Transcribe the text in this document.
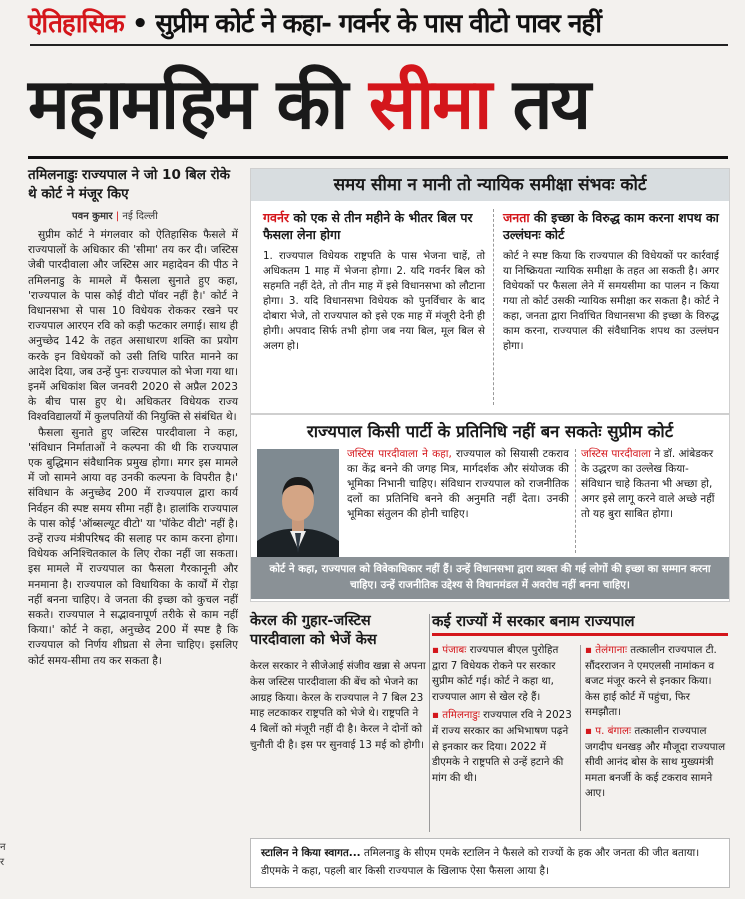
ऐतिहासिक • सुप्रीम कोर्ट ने कहा- गवर्नर के पास वीटो पावर नहीं
महामहिम की सीमा तय
तमिलनाडुः राज्यपाल ने जो 10 बिल रोके थे कोर्ट ने मंजूर किए
पवन कुमार | नई दिल्ली

सुप्रीम कोर्ट ने मंगलवार को ऐतिहासिक फैसले में राज्यपालों के अधिकार की 'सीमा' तय कर दी। जस्टिस जेबी पारदीवाला और जस्टिस आर महादेवन की पीठ ने तमिलनाडु के मामले में फैसला सुनाते हुए कहा, 'राज्यपाल के पास कोई वीटो पॉवर नहीं है।' कोर्ट ने विधानसभा से पास 10 विधेयक रोककर रखने पर राज्यपाल आरएन रवि को कड़ी फटकार लगाई। साथ ही अनुच्छेद 142 के तहत असाधारण शक्ति का प्रयोग करके इन विधेयकों को उसी तिथि पारित मानने का आदेश दिया, जब उन्हें पुनः राज्यपाल को भेजा गया था। इनमें अधिकांश बिल जनवरी 2020 से अप्रैल 2023 के बीच पास हुए थे। अधिकतर विधेयक राज्य विश्वविद्यालयों में कुलपतियों की नियुक्ति से संबंधित थे।

फैसला सुनाते हुए जस्टिस पारदीवाला ने कहा, 'संविधान निर्माताओं ने कल्पना की थी कि राज्यपाल एक बुद्धिमान संवैधानिक प्रमुख होगा। मगर इस मामले में जो सामने आया वह उनकी कल्पना के विपरीत है।' संविधान के अनुच्छेद 200 में राज्यपाल द्वारा कार्य निर्वहन की स्पष्ट समय सीमा नहीं है। हालांकि राज्यपाल के पास कोई 'ऑब्सल्यूट वीटो' या 'पॉकेट वीटो' नहीं है। उन्हें राज्य मंत्रीपरिषद की सलाह पर काम करना होगा। विधेयक अनिश्चितकाल के लिए रोका नहीं जा सकता। इस मामले में राज्यपाल का फैसला गैरकानूनी और मनमाना है। राज्यपाल को विधायिका के कार्यों में रोड़ा नहीं बनना चाहिए। वे जनता की इच्छा को कुचल नहीं सकते। राज्यपाल ने सद्भावनापूर्ण तरीके से काम नहीं किया।' कोर्ट ने कहा, अनुच्छेद 200 में स्पष्ट है कि राज्यपाल को निर्णय शीघ्रता से लेना चाहिए। इसलिए कोर्ट समय-सीमा तय कर सकता है।

न
र
समय सीमा न मानी तो न्यायिक समीक्षा संभवः कोर्ट
गवर्नर को एक से तीन महीने के भीतर बिल पर फैसला लेना होगा
1. राज्यपाल विधेयक राष्ट्रपति के पास भेजना चाहें, तो अधिकतम 1 माह में भेजना होगा। 2. यदि गवर्नर बिल को सहमति नहीं देते, तो तीन माह में इसे विधानसभा को लौटाना होगा। 3. यदि विधानसभा विधेयक को पुनर्विचार के बाद दोबारा भेजे, तो राज्यपाल को इसे एक माह में मंजूरी देनी ही होगी। अपवाद सिर्फ तभी होगा जब नया बिल, मूल बिल से अलग हो।
जनता की इच्छा के विरुद्ध काम करना शपथ का उल्लंघनः कोर्ट
कोर्ट ने स्पष्ट किया कि राज्यपाल की विधेयकों पर कार्रवाई या निष्क्रियता न्यायिक समीक्षा के तहत आ सकती है। अगर विधेयकों पर फैसला लेने में समयसीमा का पालन न किया गया तो कोर्ट उसकी न्यायिक समीक्षा कर सकता है। कोर्ट ने कहा, जनता द्वारा निर्वाचित विधानसभा की इच्छा के विरुद्ध काम करना, राज्यपाल की संवैधानिक शपथ का उल्लंघन होगा।
राज्यपाल किसी पार्टी के प्रतिनिधि नहीं बन सकतेः सुप्रीम कोर्ट
जस्टिस पारदीवाला ने कहा, राज्यपाल को सियासी टकराव का केंद्र बनने की जगह मित्र, मार्गदर्शक और संयोजक की भूमिका निभानी चाहिए। संविधान राज्यपाल को राजनीतिक दलों का प्रतिनिधि बनने की अनुमति नहीं देता। उनकी भूमिका संतुलन की होनी चाहिए।
जस्टिस पारदीवाला ने डॉ. आंबेडकर के उद्धरण का उल्लेख किया- संविधान चाहे कितना भी अच्छा हो, अगर इसे लागू करने वाले अच्छे नहीं तो यह बुरा साबित होगा।
कोर्ट ने कहा, राज्यपाल को विवेकाधिकार नहीं हैं। उन्हें विधानसभा द्वारा व्यक्त की गई लोगों की इच्छा का सम्मान करना चाहिए। उन्हें राजनीतिक उद्देश्य से विधानमंडल में अवरोध नहीं बनना चाहिए।
केरल की गुहार-जस्टिस पारदीवाला को भेजें केस
केरल सरकार ने सीजेआई संजीव खन्ना से अपना केस जस्टिस पारदीवाला की बेंच को भेजने का आग्रह किया। केरल के राज्यपाल ने 7 बिल 23 माह लटकाकर राष्ट्रपति को भेजे थे। राष्ट्रपति ने 4 बिलों को मंजूरी नहीं दी है। केरल ने दोनों को चुनौती दी है। इस पर सुनवाई 13 मई को होगी।
कई राज्यों में सरकार बनाम राज्यपाल
▪ पंजाबः राज्यपाल बीएल पुरोहित द्वारा 7 विधेयक रोकने पर सरकार सुप्रीम कोर्ट गई। कोर्ट ने कहा था, राज्यपाल आग से खेल रहे हैं।
▪ तमिलनाडुः राज्यपाल रवि ने 2023 में राज्य सरकार का अभिभाषण पढ़ने से इनकार कर दिया। 2022 में डीएमके ने राष्ट्रपति से उन्हें हटाने की मांग की थी।
▪ तेलंगानाः तत्कालीन राज्यपाल टी. सौंदरराजन ने एमएलसी नामांकन व बजट मंजूर करने से इनकार किया। केस हाई कोर्ट में पहुंचा, फिर समझौता।
▪ प. बंगालः तत्कालीन राज्यपाल जगदीप धनखड़ और मौजूदा राज्यपाल सीवी आनंद बोस के साथ मुख्यमंत्री ममता बनर्जी के कई टकराव सामने आए।
स्टालिन ने किया स्वागत... तमिलनाडु के सीएम एमके स्टालिन ने फैसले को राज्यों के हक और जनता की जीत बताया। डीएमके ने कहा, पहली बार किसी राज्यपाल के खिलाफ ऐसा फैसला आया है।
